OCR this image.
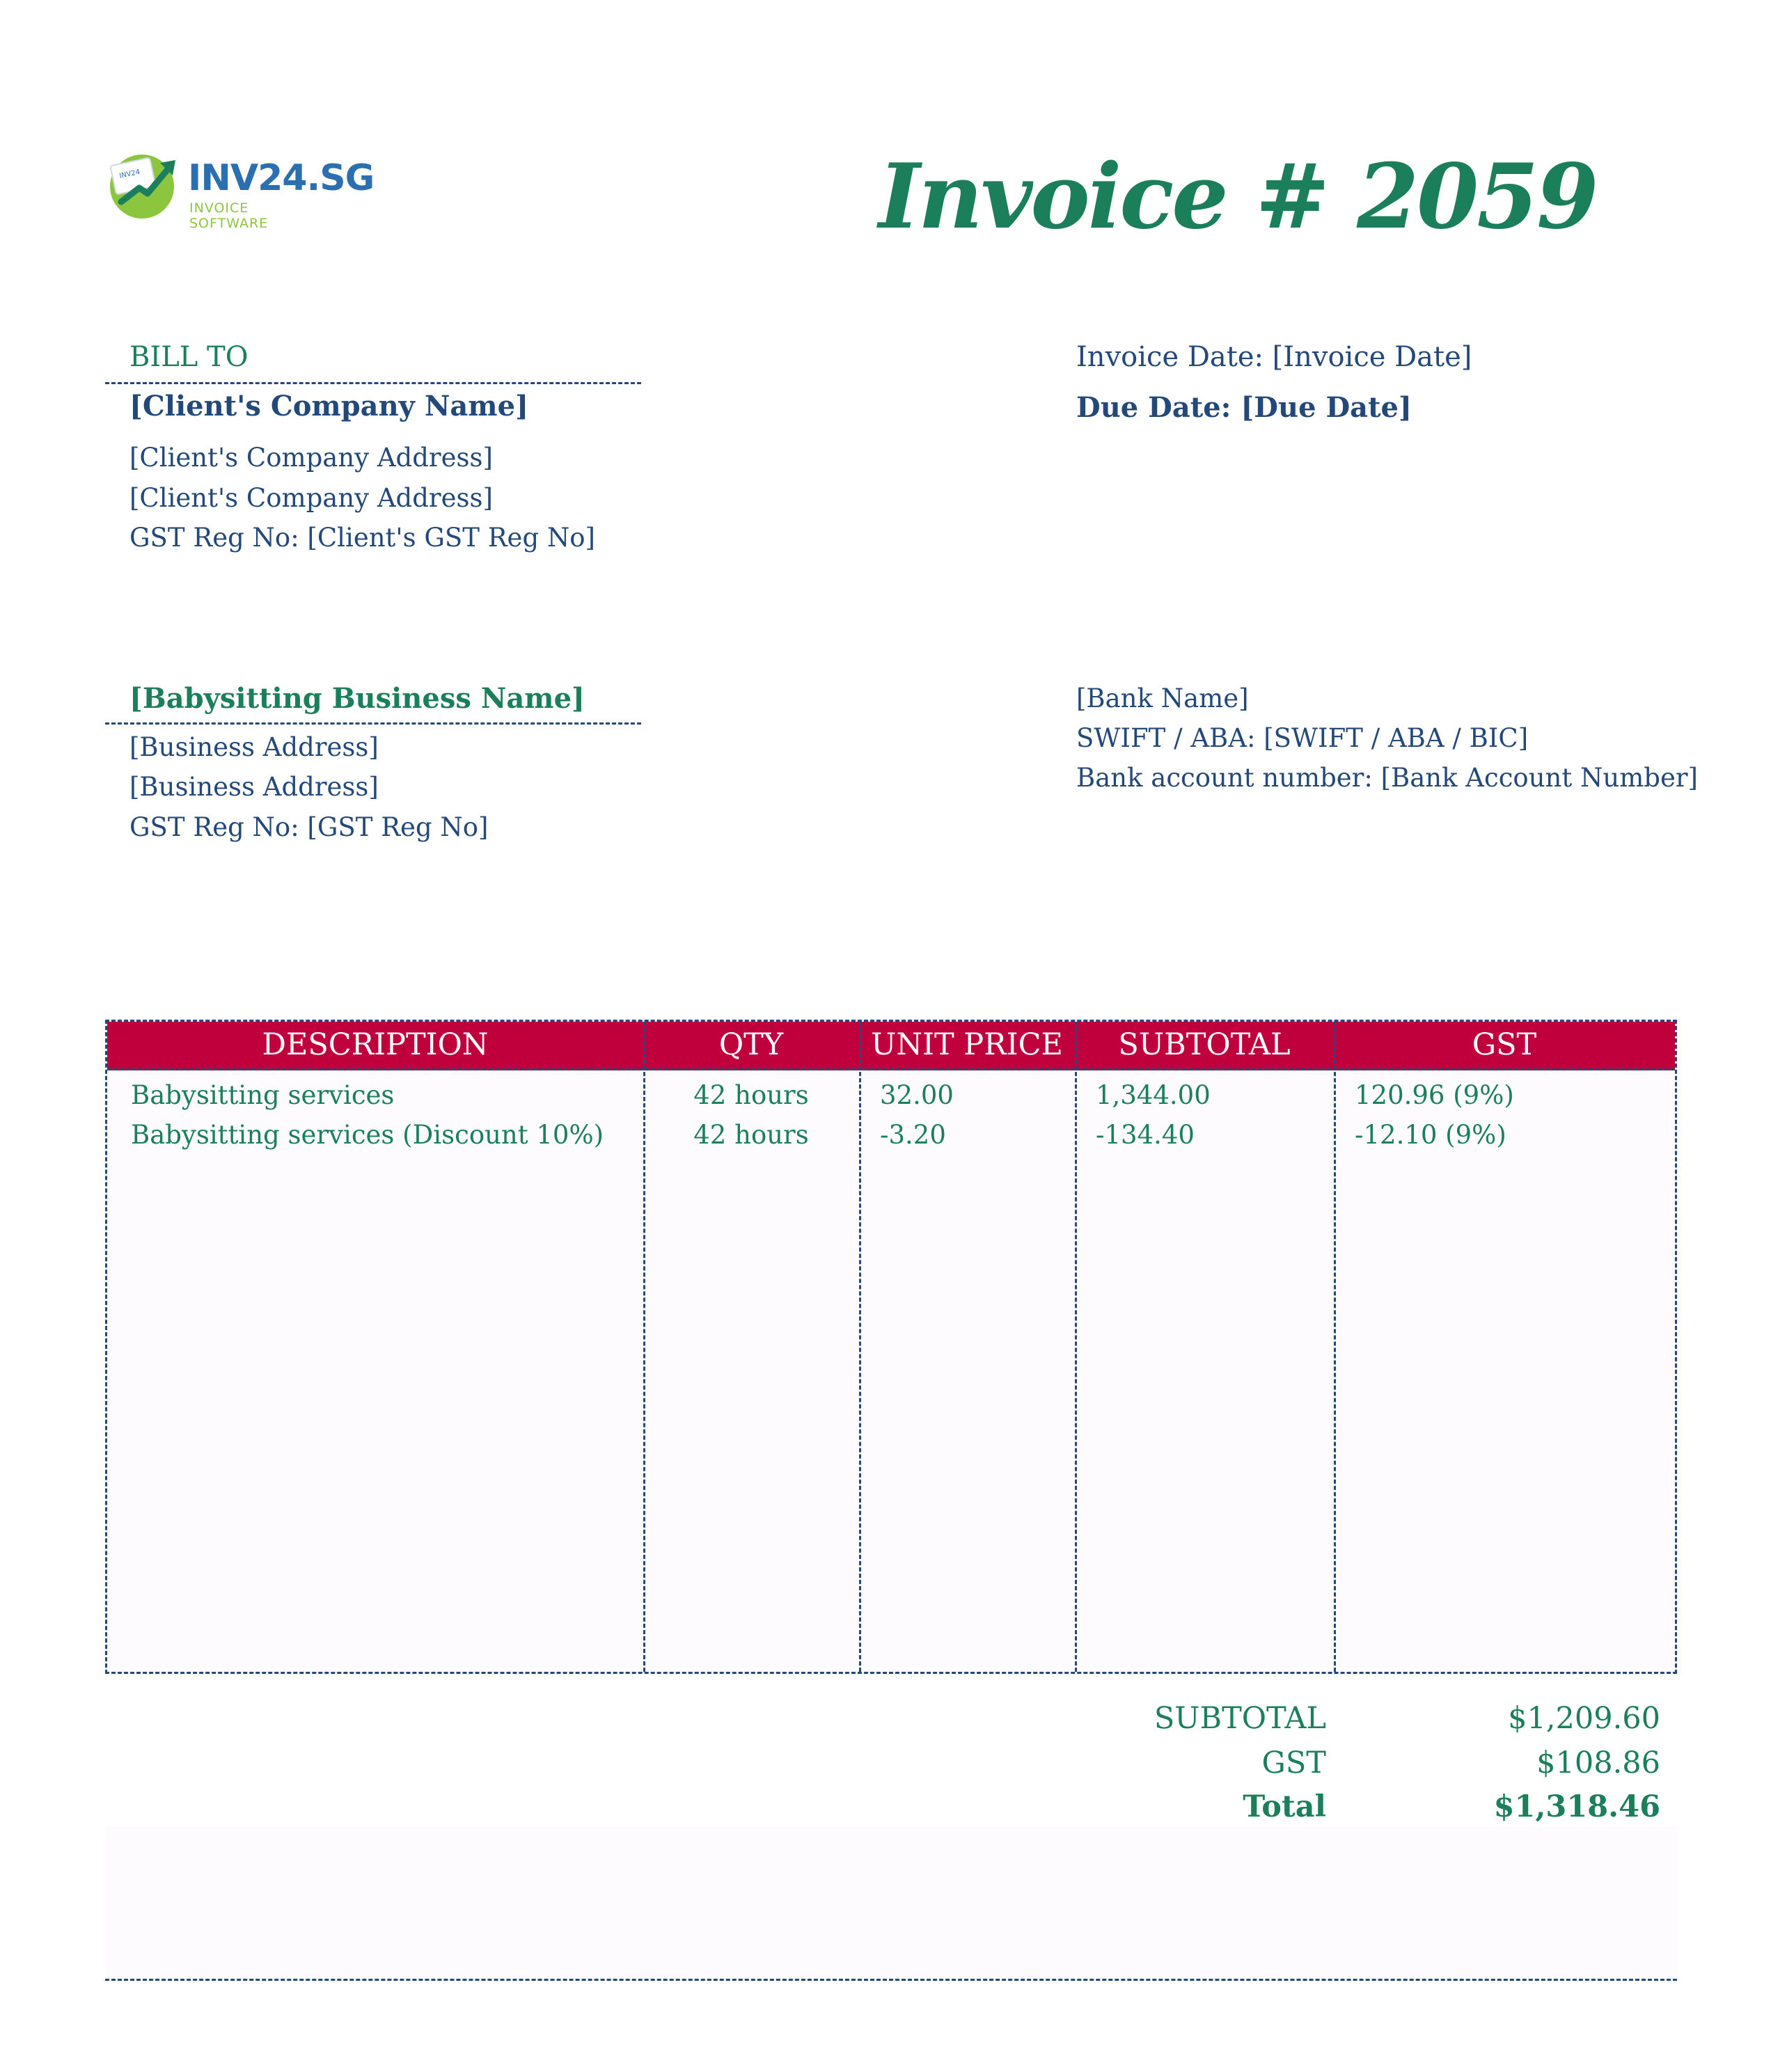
INV24 INV24.SG
INVOICE SOFTWARE	Invoice # 2059
BILL TO
[Client's Company Name]
[Client's Company Address]
[Client's Company Address]
GST Reg No: [Client's GST Reg No]
Invoice Date: [Invoice Date]
Due Date: [Due Date]
[Babysitting Business Name]
[Business Address]
[Business Address]
GST Reg No: [GST Reg No]
[Bank Name]
SWIFT / ABA: [SWIFT / ABA / BIC]
Bank account number: [Bank Account Number]
DESCRIPTION	QTY	UNIT PRICE	SUBTOTAL	GST
Babysitting services	42 hours	32.00	1,344.00	120.96 (9%)
Babysitting services (Discount 10%)	42 hours	-3.20	-134.40	-12.10 (9%)
SUBTOTAL	$1,209.60
GST	$108.86
Total	$1,318.46
